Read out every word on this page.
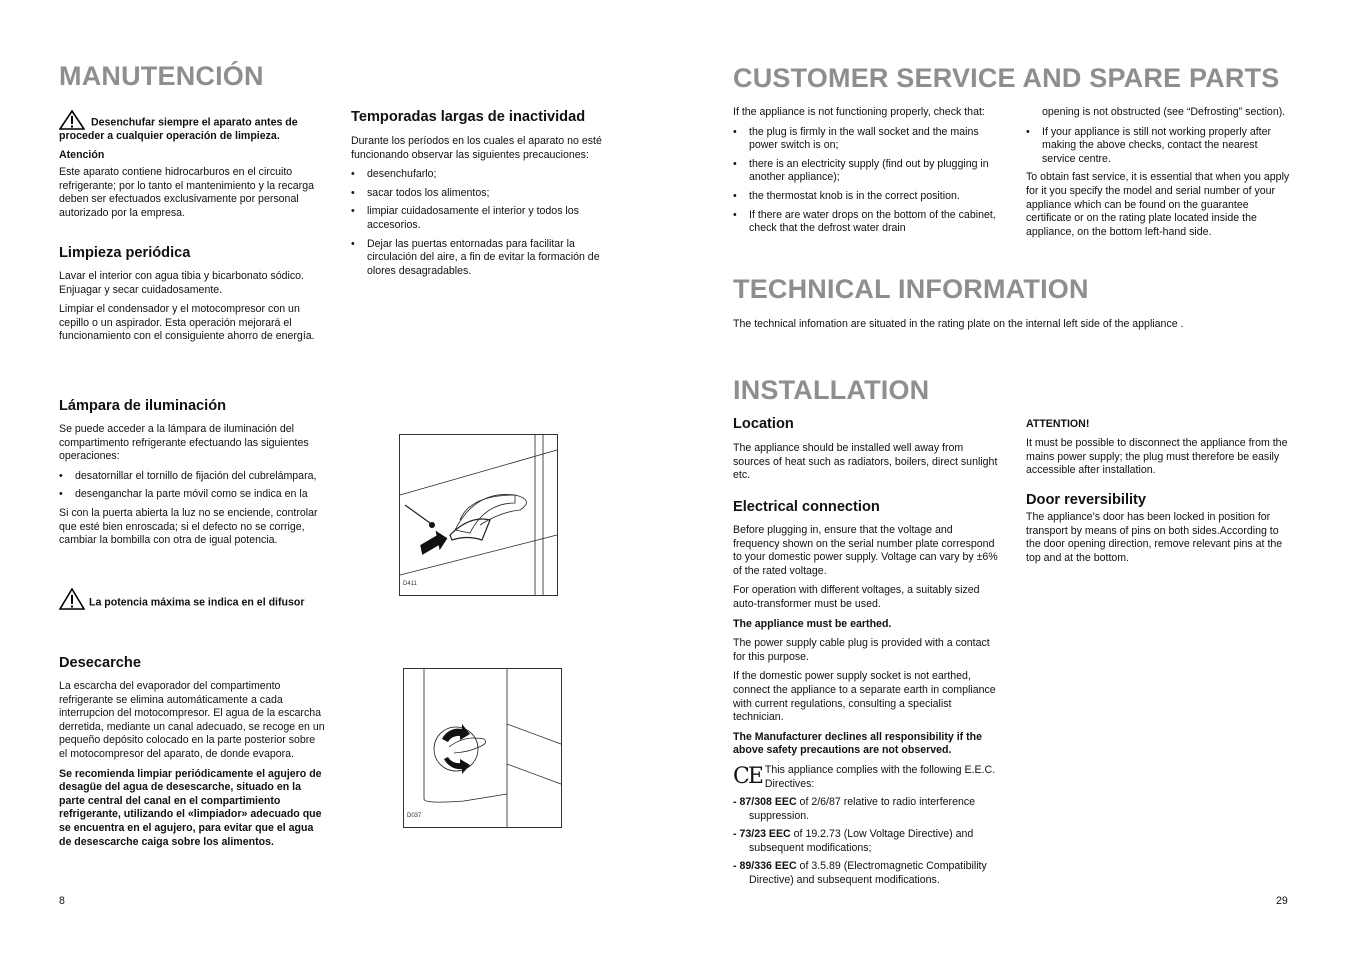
MANUTENCIÓN

Desenchufar siempre el aparato antes de proceder a cualquier operación de limpieza.

Atención

Este aparato contiene hidrocarburos en el circuito refrigerante; por lo tanto el mantenimiento y la recarga deben ser efectuados exclusivamente por personal autorizado por la empresa.

Limpieza periódica

Lavar el interior con agua tibia y bicarbonato sódico. Enjuagar y secar cuidadosamente.

Limpiar el condensador y el motocompresor con un cepillo o un aspirador. Esta operación mejorará el funcionamiento con el consiguiente ahorro de energía.

Lámpara de iluminación

Se puede acceder a la lámpara de iluminación del compartimento refrigerante efectuando las siguientes operaciones:

• desatornillar el tornillo de fijación del cubrelámpara,
• desenganchar la parte móvil como se indica en la

Si con la puerta abierta la luz no se enciende, controlar que esté bien enroscada; si el defecto no se corrige, cambiar la bombilla con otra de igual potencia.

La potencia máxima se indica en el difusor
Desecarche

La escarcha del evaporador del compartimento refrigerante se elimina automáticamente a cada interrupcion del motocompresor. El agua de la escarcha derretida, mediante un canal adecuado, se recoge en un pequeño depósito colocado en la parte posterior sobre el motocompresor del aparato, de donde evapora.

Se recomienda limpiar periódicamente el agujero de desagüe del agua de desescarche, situado en la parte central del canal en el compartimiento refrigerante, utilizando el «limpiador» adecuado que se encuentra en el agujero, para evitar que el agua de desescarche caiga sobre los alimentos.

8
Temporadas largas de inactividad

Durante los períodos en los cuales el aparato no esté funcionando observar las siguientes precauciones:

• desenchufarlo;
• sacar todos los alimentos;
• limpiar cuidadosamente el interior y todos los accesorios.
• Dejar las puertas entornadas para facilitar la circulación del aire, a fin de evitar la formación de olores desagradables.
D411
D037
CUSTOMER SERVICE AND SPARE PARTS

If the appliance is not functioning properly, check that:

• the plug is firmly in the wall socket and the mains power switch is on;
• there is an electricity supply (find out by plugging in another appliance);
• the thermostat knob is in the correct position.
• If there are water drops on the bottom of the cabinet, check that the defrost water drain

opening is not obstructed (see “Defrosting” section).

• If your appliance is still not working properly after making the above checks, contact the nearest service centre.

To obtain fast service, it is essential that when you apply for it you specify the model and serial number of your appliance which can be found on the guarantee certificate or on the rating plate located inside the appliance, on the bottom left-hand side.

TECHNICAL INFORMATION
The technical infomation are situated in the rating plate on the internal left side of the appliance .
INSTALLATION
Location
The appliance should be installed well away from sources of heat such as radiators, boilers, direct sunlight etc.
Electrical connection

Before plugging in, ensure that the voltage and frequency shown on the serial number plate correspond to your domestic power supply. Voltage can vary by ±6% of the rated voltage.

For operation with different voltages, a suitably sized auto-transformer must be used.

The appliance must be earthed.

The power supply cable plug is provided with a contact for this purpose.

If the domestic power supply socket is not earthed, connect the appliance to a separate earth in compliance with current regulations, consulting a specialist technician.

The Manufacturer declines all responsibility if the above safety precautions are not observed.

CE This appliance complies with the following E.E.C. Directives:
- 87/308 EEC of 2/6/87 relative to radio interference suppression.
- 73/23 EEC of 19.2.73 (Low Voltage Directive) and subsequent modifications;
- 89/336 EEC of 3.5.89 (Electromagnetic Compatibility Directive) and subsequent modifications.
ATTENTION!
It must be possible to disconnect the appliance from the mains power supply; the plug must therefore be easily accessible after installation.
Door reversibility
The appliance’s door has been locked in position for transport by means of pins on both sides.According to the door opening direction, remove relevant pins at the top and at the bottom.
29
